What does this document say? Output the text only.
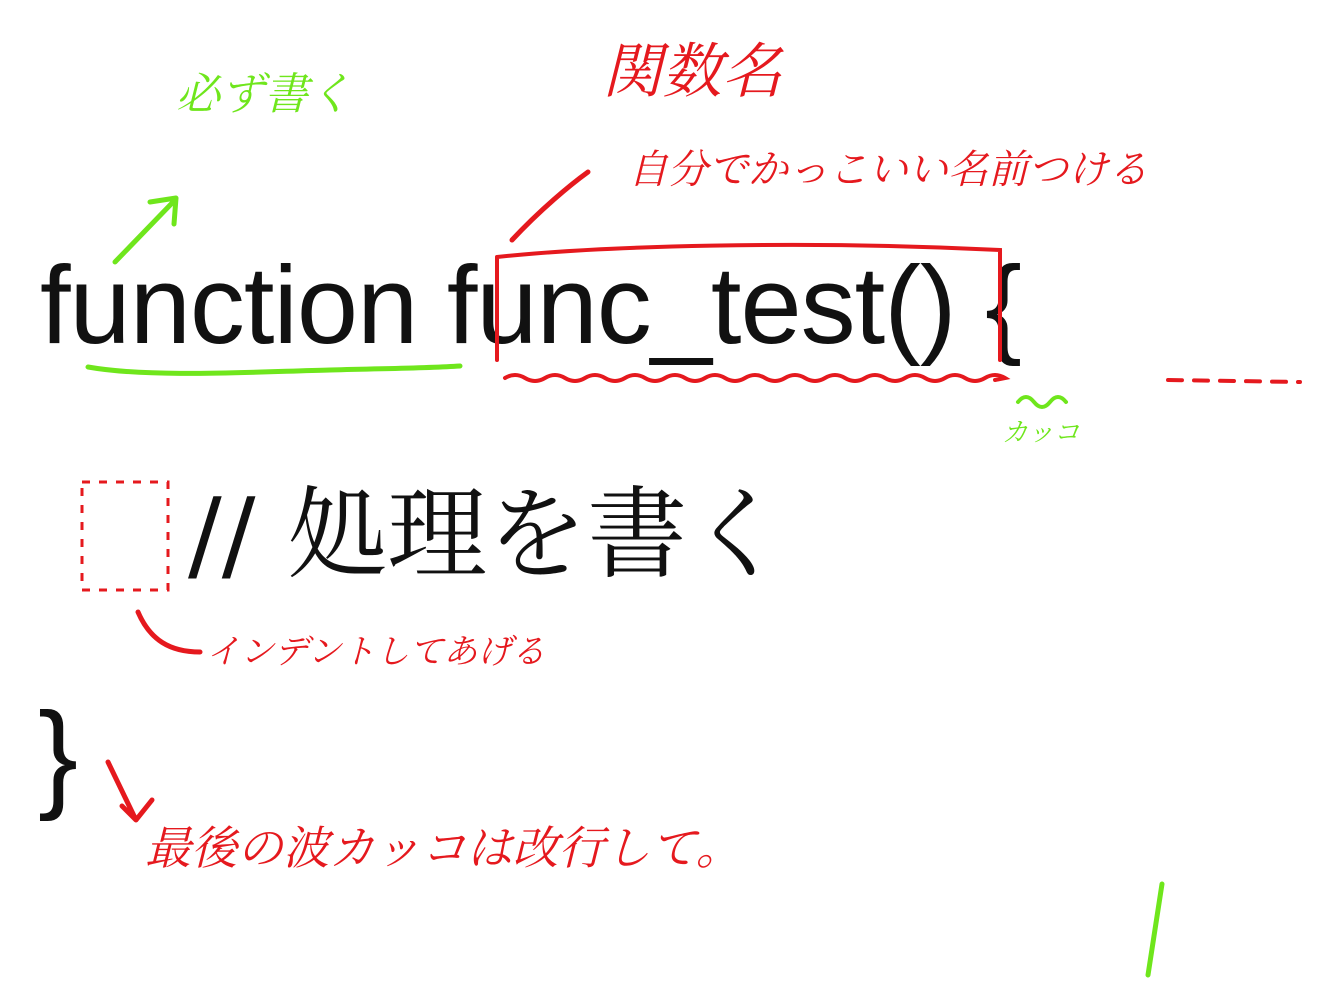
function func_test() {
// 処理を書く
}
必ず書く	関数名
自分でかっこいい名前つける
カッコ
インデントしてあげる
最後の波カッコは改行して。
